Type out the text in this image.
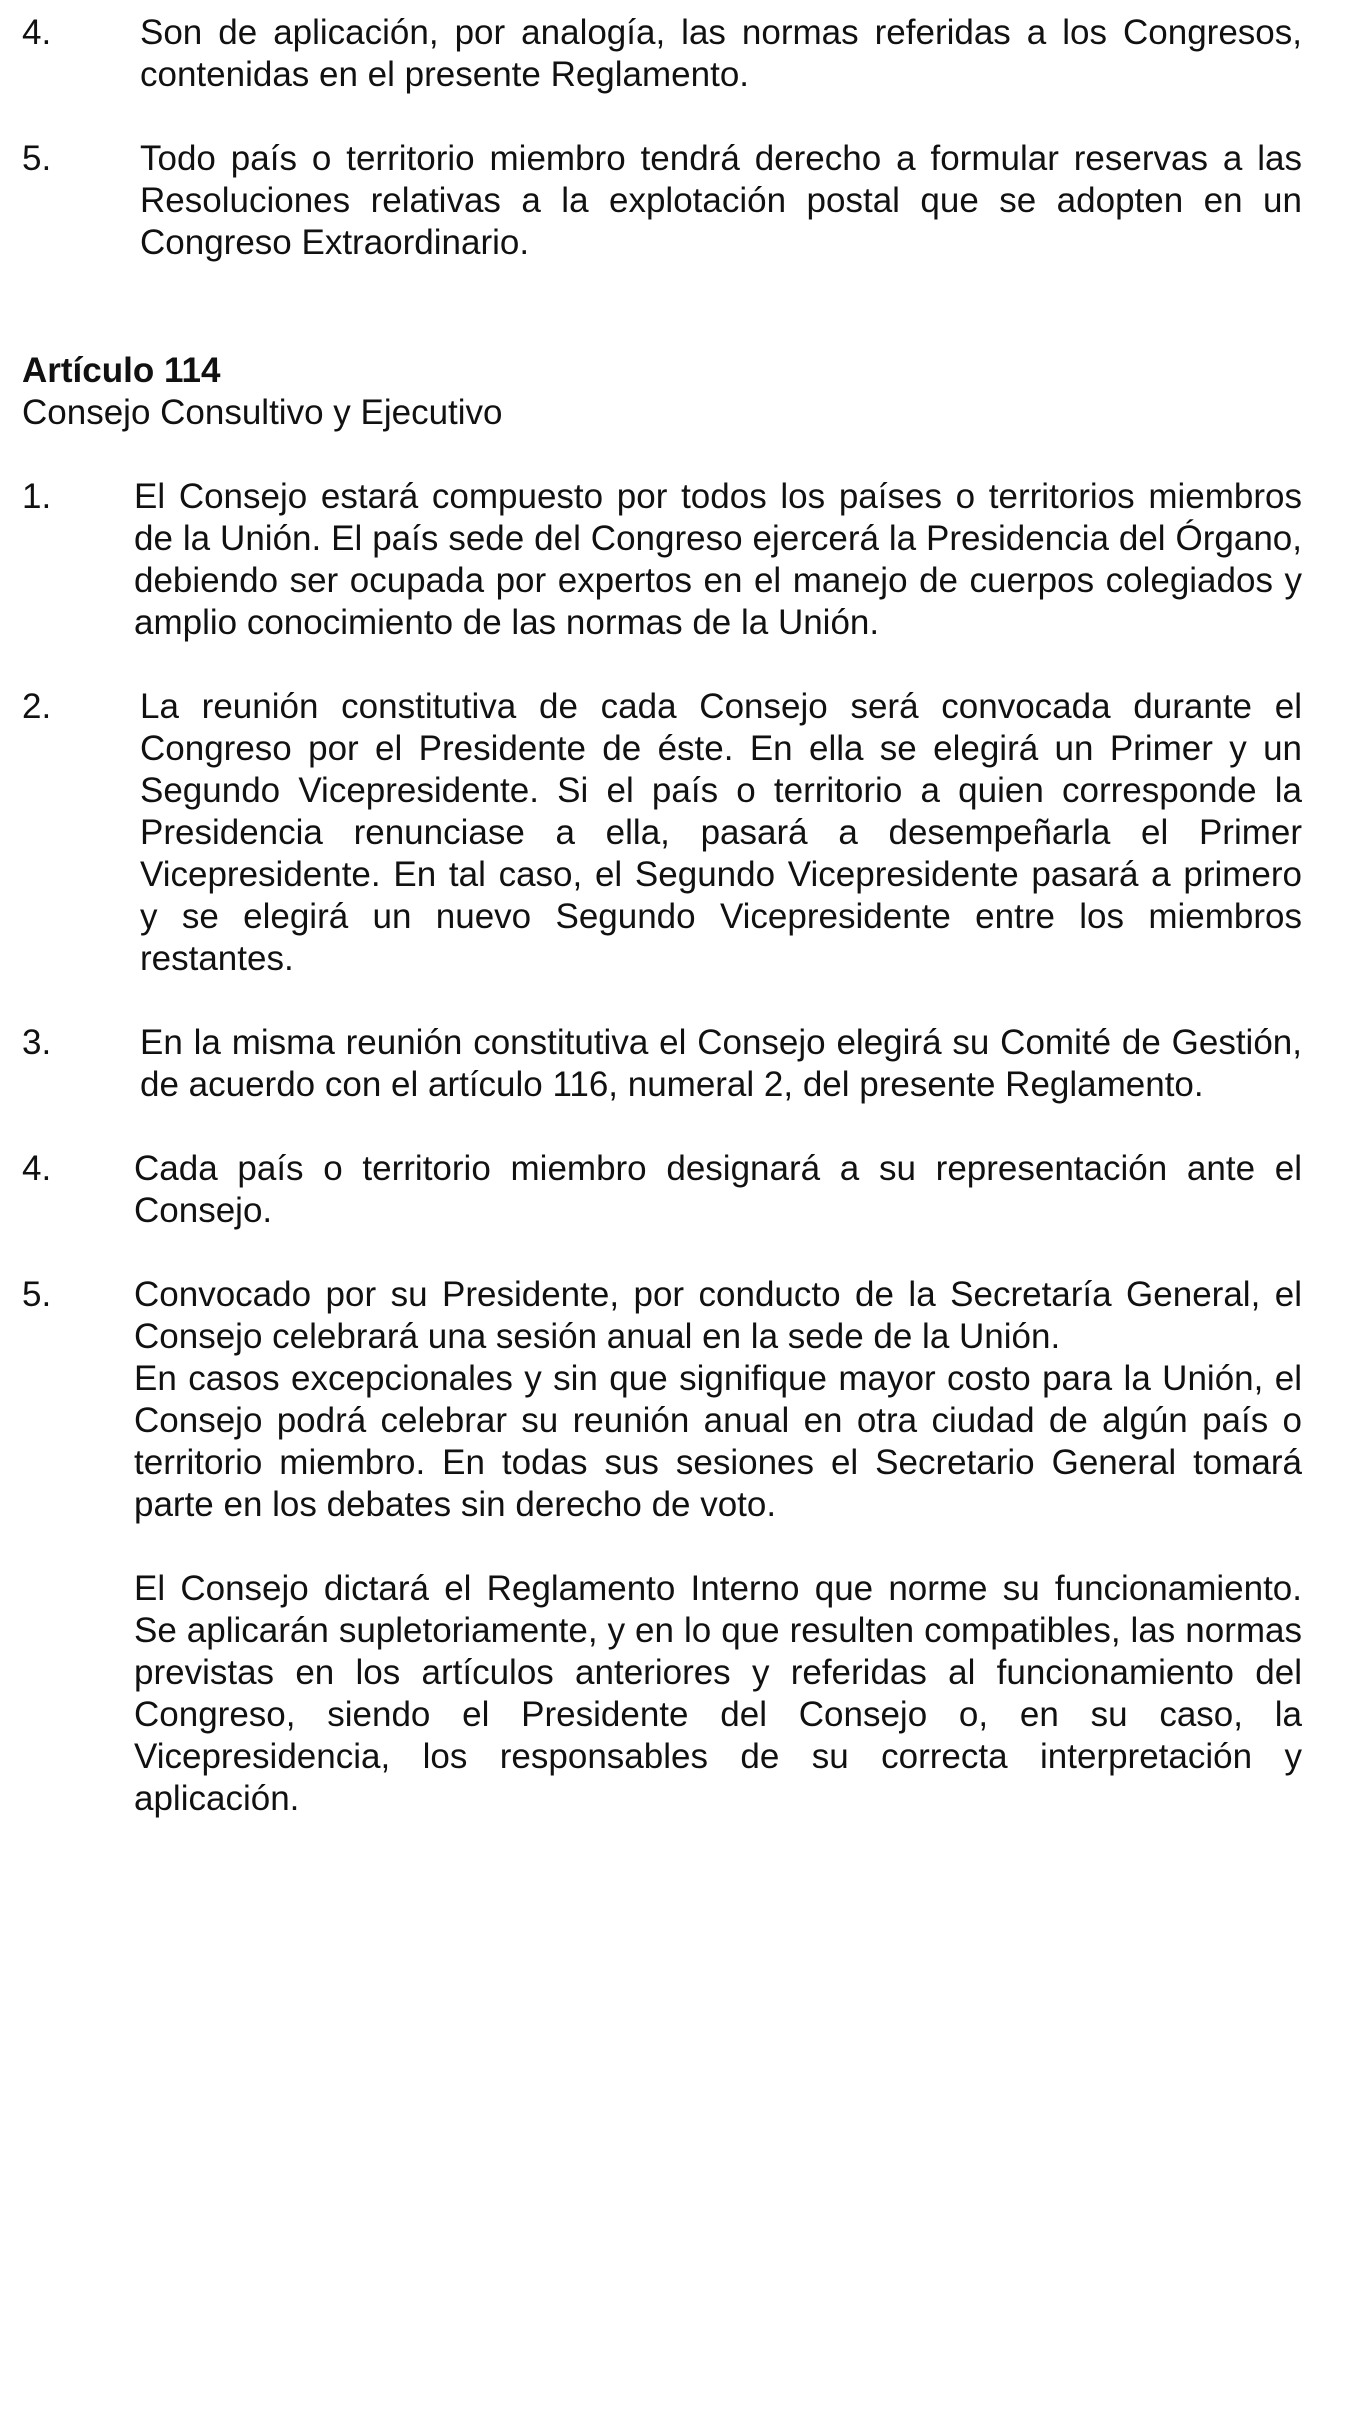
4.	Son de aplicación, por analogía, las normas referidas a los Congresos, contenidas en el presente Reglamento.
5.	Todo país o territorio miembro tendrá derecho a formular reservas a las Resoluciones relativas a la explotación postal que se adopten en un Congreso Extraordinario.
Artículo 114
Consejo Consultivo y Ejecutivo
1. El Consejo estará compuesto por todos los países o territorios miembros de la Unión. El país sede del Congreso ejercerá la Presidencia del Órgano, debiendo ser ocupada por expertos en el manejo de cuerpos colegiados y amplio conocimiento de las normas de la Unión.
2.	La reunión constitutiva de cada Consejo será convocada durante el Congreso por el Presidente de éste. En ella se elegirá un Primer y un Segundo Vicepresidente. Si el país o territorio a quien corresponde la Presidencia renunciase a ella, pasará a desempeñarla el Primer Vicepresidente. En tal caso, el Segundo Vicepresidente pasará a primero y se elegirá un nuevo Segundo Vicepresidente entre los miembros restantes.
3.	En la misma reunión constitutiva el Consejo elegirá su Comité de Gestión, de acuerdo con el artículo 116, numeral 2, del presente Reglamento.
4. Cada país o territorio miembro designará a su representación ante el Consejo.
5. Convocado por su Presidente, por conducto de la Secretaría General, el Consejo celebrará una sesión anual en la sede de la Unión.
En casos excepcionales y sin que signifique mayor costo para la Unión, el Consejo podrá celebrar su reunión anual en otra ciudad de algún país o territorio miembro. En todas sus sesiones el Secretario General tomará parte en los debates sin derecho de voto.
El Consejo dictará el Reglamento Interno que norme su funcionamiento. Se aplicarán supletoriamente, y en lo que resulten compatibles, las normas previstas en los artículos anteriores y referidas al funcionamiento del Congreso, siendo el Presidente del Consejo o, en su caso, la Vicepresidencia, los responsables de su correcta interpretación y aplicación.
